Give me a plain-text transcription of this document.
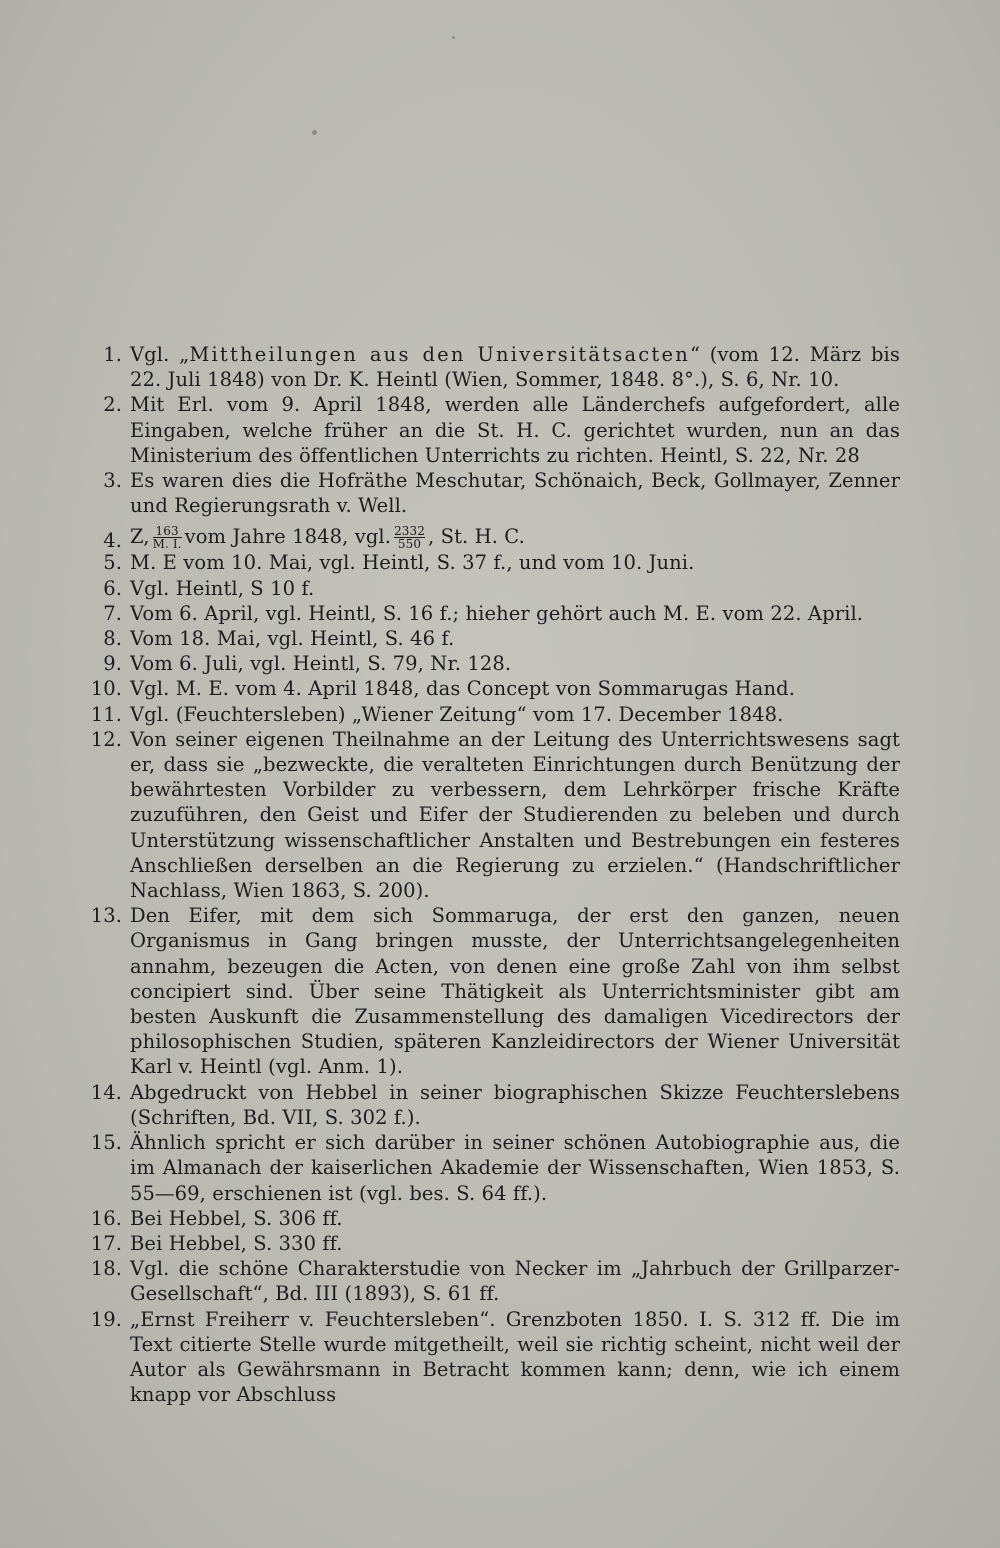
1. Vgl. „Mittheilungen aus den Universitätsacten“ (vom 12. März bis 22. Juli 1848) von Dr. K. Heintl (Wien, Sommer, 1848. 8°.), S. 6, Nr. 10.
2. Mit Erl. vom 9. April 1848, werden alle Länderchefs aufgefordert, alle Eingaben, welche früher an die St. H. C. gerichtet wurden, nun an das Ministerium des öffentlichen Unterrichts zu richten. Heintl, S. 22, Nr. 28
3. Es waren dies die Hofräthe Meschutar, Schönaich, Beck, Gollmayer, Zenner und Regierungsrath v. Well.
4. Z, $\frac{163}{M. I.}$ vom Jahre 1848, vgl. $\frac{2332}{550}$ , St. H. C.
5. M. E vom 10. Mai, vgl. Heintl, S. 37 f., und vom 10. Juni.
6. Vgl. Heintl, S 10 f.
7. Vom 6. April, vgl. Heintl, S. 16 f.; hieher gehört auch M. E. vom 22. April.
8. Vom 18. Mai, vgl. Heintl, S. 46 f.
9. Vom 6. Juli, vgl. Heintl, S. 79, Nr. 128.
10. Vgl. M. E. vom 4. April 1848, das Concept von Sommarugas Hand.
11. Vgl. (Feuchtersleben) „Wiener Zeitung“ vom 17. December 1848.
12. Von seiner eigenen Theilnahme an der Leitung des Unterrichtswesens sagt er, dass sie „bezweckte, die veralteten Einrichtungen durch Benützung der bewährtesten Vorbilder zu verbessern, dem Lehrkörper frische Kräfte zuzuführen, den Geist und Eifer der Studierenden zu beleben und durch Unterstützung wissenschaftlicher Anstalten und Bestrebungen ein festeres Anschließen derselben an die Regierung zu erzielen.“ (Handschriftlicher Nachlass, Wien 1863, S. 200).
13. Den Eifer, mit dem sich Sommaruga, der erst den ganzen, neuen Organismus in Gang bringen musste, der Unterrichtsangelegenheiten annahm, bezeugen die Acten, von denen eine große Zahl von ihm selbst concipiert sind. Über seine Thätigkeit als Unterrichtsminister gibt am besten Auskunft die Zusammenstellung des damaligen Vicedirectors der philosophischen Studien, späteren Kanzleidirectors der Wiener Universität Karl v. Heintl (vgl. Anm. 1).
14. Abgedruckt von Hebbel in seiner biographischen Skizze Feuchterslebens (Schriften, Bd. VII, S. 302 f.).
15. Ähnlich spricht er sich darüber in seiner schönen Autobiographie aus, die im Almanach der kaiserlichen Akademie der Wissenschaften, Wien 1853, S. 55—69, erschienen ist (vgl. bes. S. 64 ff.).
16. Bei Hebbel, S. 306 ff.
17. Bei Hebbel, S. 330 ff.
18. Vgl. die schöne Charakterstudie von Necker im „Jahrbuch der Grillparzer-Gesellschaft“, Bd. III (1893), S. 61 ff.
19. „Ernst Freiherr v. Feuchtersleben“. Grenzboten 1850. I. S. 312 ff. Die im Text citierte Stelle wurde mitgetheilt, weil sie richtig scheint, nicht weil der Autor als Gewährsmann in Betracht kommen kann; denn, wie ich einem knapp vor Abschluss
